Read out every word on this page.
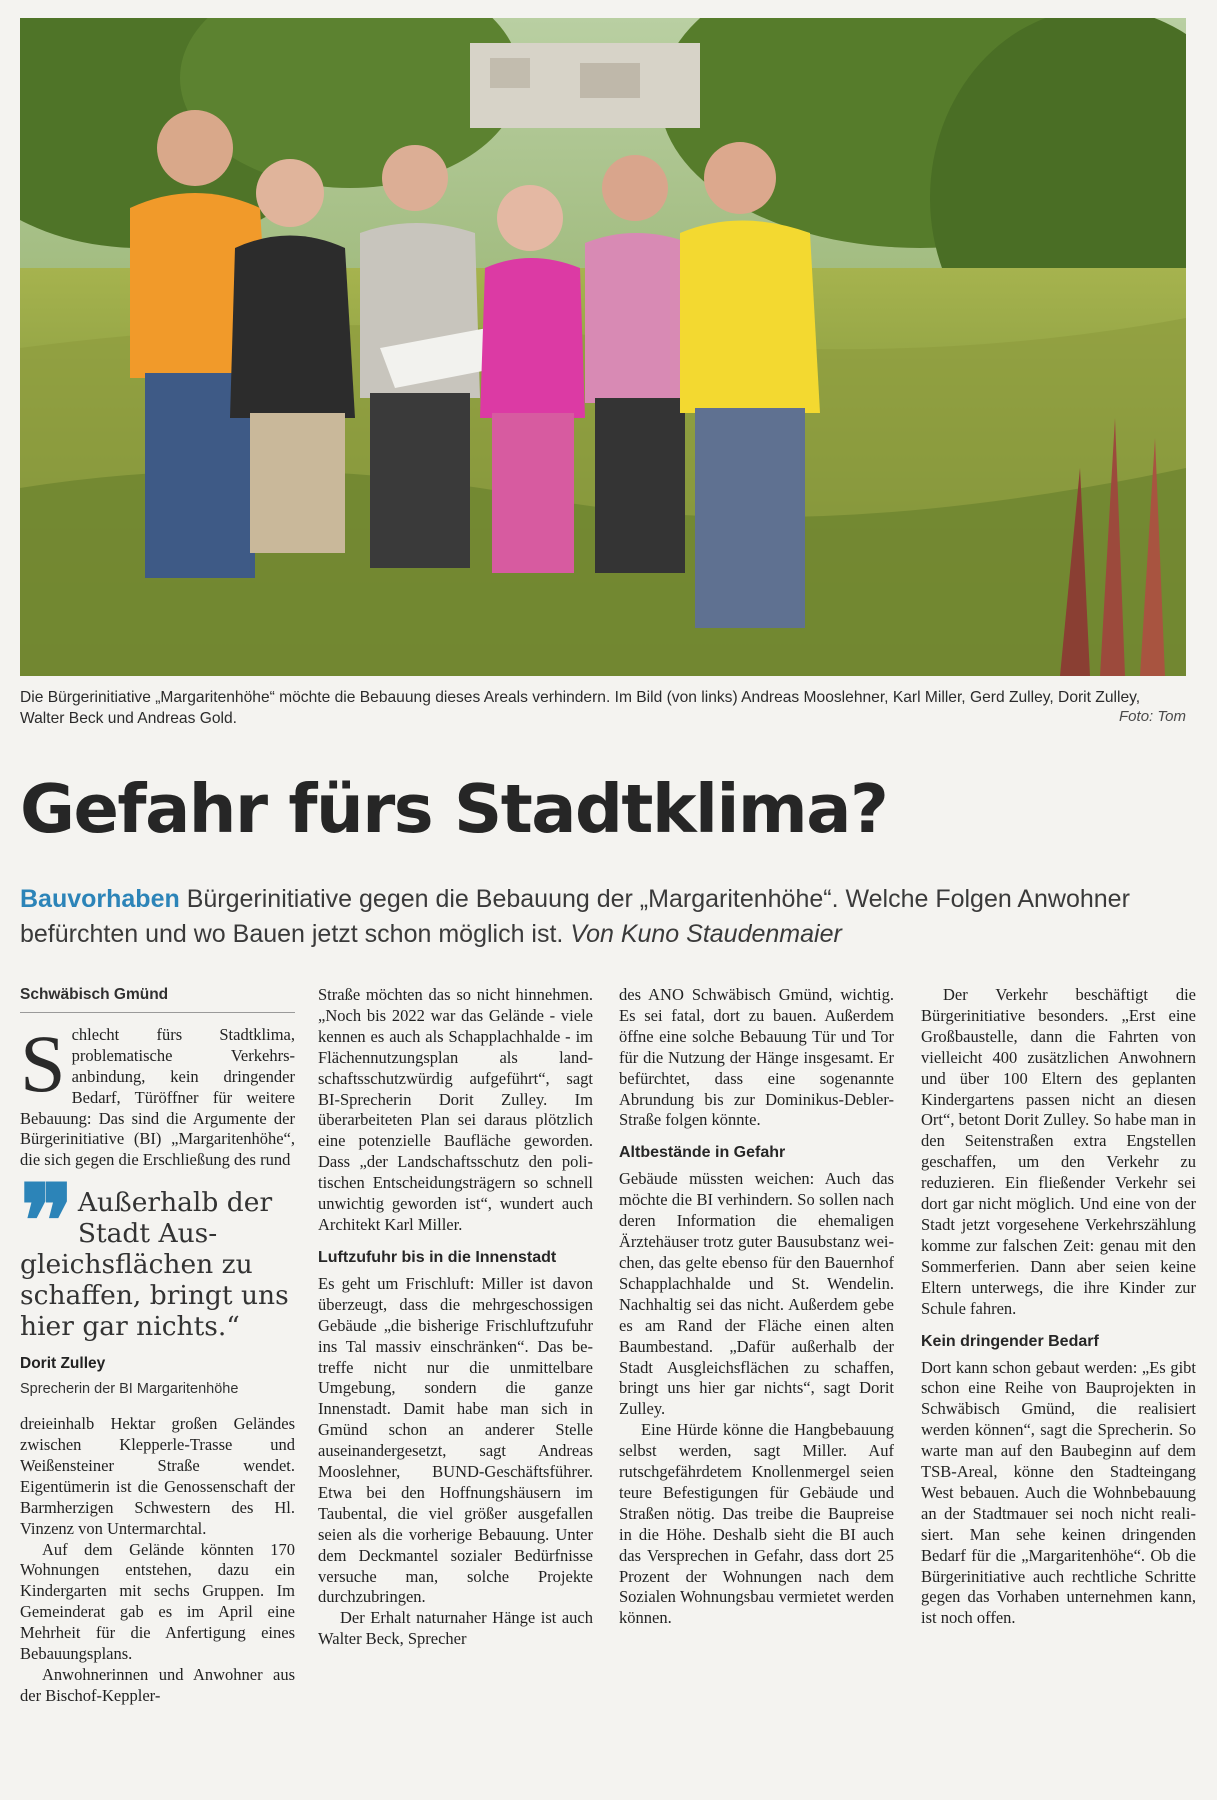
Die Bürgerinitiative „Margaritenhöhe“ möchte die Bebauung dieses Areals verhindern. Im Bild (von links) Andreas Mooslehner, Karl Miller, Gerd Zulley, Dorit Zulley, Walter Beck und Andreas Gold.	Foto: Tom
Gefahr fürs Stadtklima?
Bauvorhaben Bürgerinitiative gegen die Bebauung der „Margaritenhöhe“. Welche Folgen Anwohner befürchten und wo Bauen jetzt schon möglich ist. Von Kuno Staudenmaier
Schwäbisch Gmünd

Schlecht fürs Stadtklima, problematische Verkehrsanbindung, kein dringender Bedarf, Türöffner für weitere Bebauung: Das sind die Argumente der Bürgerinitiative (BI) „Margaritenhöhe“, die sich gegen die Erschließung des rund

❞ Außerhalb der Stadt Ausgleichsflächen zu schaffen, bringt uns hier gar nichts.“
Dorit Zulley
Sprecherin der BI Margaritenhöhe

dreieinhalb Hektar großen Geländes zwischen Klepperle-Trasse und Weißensteiner Straße wendet. Eigentümerin ist die Genossenschaft der Barmherzigen Schwestern des Hl. Vinzenz von Untermarchtal.

Auf dem Gelände könnten 170 Wohnungen entstehen, dazu ein Kindergarten mit sechs Gruppen. Im Gemeinderat gab es im April eine Mehrheit für die Anfertigung eines Bebauungsplans.

Anwohnerinnen und Anwohner aus der Bischof-Keppler-

Straße möchten das so nicht hinnehmen. „Noch bis 2022 war das Gelände - viele kennen es auch als Schapplachhalde - im Flächennutzungsplan als landschaftsschutzwürdig aufgeführt“, sagt BI-Sprecherin Dorit Zulley. Im überarbeiteten Plan sei daraus plötzlich eine potenzielle Baufläche geworden. Dass „der Landschaftsschutz den politischen Entscheidungsträgern so schnell unwichtig geworden ist“, wundert auch Architekt Karl Miller.

Luftzufuhr bis in die Innenstadt

Es geht um Frischluft: Miller ist davon überzeugt, dass die mehrgeschossigen Gebäude „die bisherige Frischluftzufuhr ins Tal massiv einschränken“. Das betreffe nicht nur die unmittelbare Umgebung, sondern die ganze Innenstadt. Damit habe man sich in Gmünd schon an anderer Stelle auseinandergesetzt, sagt Andreas Mooslehner, BUND-Geschäftsführer. Etwa bei den Hoffnungshäusern im Taubental, die viel größer ausgefallen seien als die vorherige Bebauung. Unter dem Deckmantel sozialer Bedürfnisse versuche man, solche Projekte durchzubringen.

Der Erhalt naturnaher Hänge ist auch Walter Beck, Sprecher

des ANO Schwäbisch Gmünd, wichtig. Es sei fatal, dort zu bauen. Außerdem öffne eine solche Bebauung Tür und Tor für die Nutzung der Hänge insgesamt. Er befürchtet, dass eine sogenannte Abrundung bis zur Dominikus-Debler-Straße folgen könnte.

Altbestände in Gefahr

Gebäude müssten weichen: Auch das möchte die BI verhindern. So sollen nach deren Information die ehemaligen Ärztehäuser trotz guter Bausubstanz weichen, das gelte ebenso für den Bauernhof Schapplachhalde und St. Wendelin. Nachhaltig sei das nicht. Außerdem gebe es am Rand der Fläche einen alten Baumbestand. „Dafür außerhalb der Stadt Ausgleichsflächen zu schaffen, bringt uns hier gar nichts“, sagt Dorit Zulley.

Eine Hürde könne die Hangbebauung selbst werden, sagt Miller. Auf rutschgefährdetem Knollenmergel seien teure Befestigungen für Gebäude und Straßen nötig. Das treibe die Baupreise in die Höhe. Deshalb sieht die BI auch das Versprechen in Gefahr, dass dort 25 Prozent der Wohnungen nach dem Sozialen Wohnungsbau vermietet werden können.

Der Verkehr beschäftigt die Bürgerinitiative besonders. „Erst eine Großbaustelle, dann die Fahrten von vielleicht 400 zusätzlichen Anwohnern und über 100 Eltern des geplanten Kindergartens passen nicht an diesen Ort“, betont Dorit Zulley. So habe man in den Seitenstraßen extra Engstellen geschaffen, um den Verkehr zu reduzieren. Ein fließender Verkehr sei dort gar nicht möglich. Und eine von der Stadt jetzt vorgesehene Verkehrszählung komme zur falschen Zeit: genau mit den Sommerferien. Dann aber seien keine Eltern unterwegs, die ihre Kinder zur Schule fahren.

Kein dringender Bedarf

Dort kann schon gebaut werden: „Es gibt schon eine Reihe von Bauprojekten in Schwäbisch Gmünd, die realisiert werden können“, sagt die Sprecherin. So warte man auf den Baubeginn auf dem TSB-Areal, könne den Stadteingang West bebauen. Auch die Wohnbebauung an der Stadtmauer sei noch nicht realisiert. Man sehe keinen dringenden Bedarf für die „Margaritenhöhe“. Ob die Bürgerinitiative auch rechtliche Schritte gegen das Vorhaben unternehmen kann, ist noch offen.
